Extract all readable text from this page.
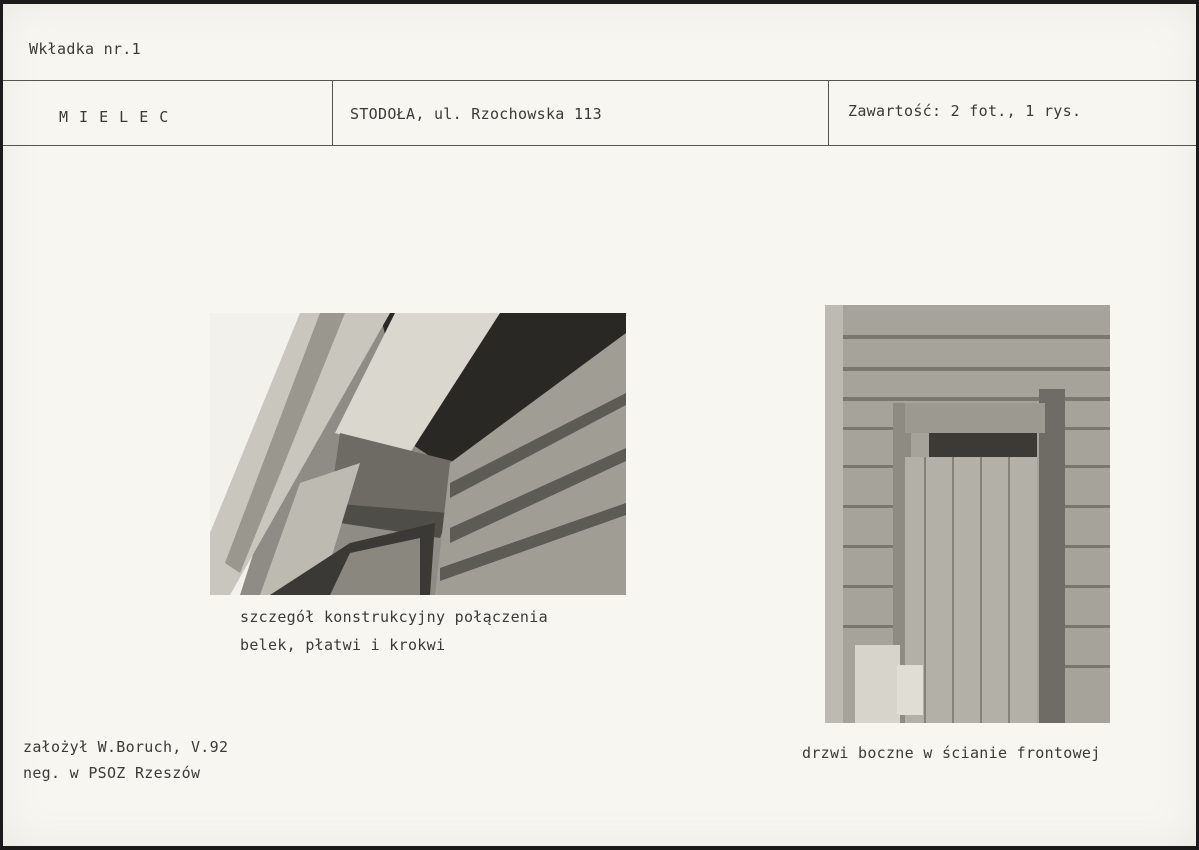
Wkładka nr.1
M I E L E C	STODOŁA, ul. Rzochowska 113	Zawartość: 2 fot., 1 rys.
szczegół konstrukcyjny połączenia
belek, płatwi i krokwi
drzwi boczne w ścianie frontowej
założył W.Boruch, V.92
neg. w PSOZ Rzeszów
